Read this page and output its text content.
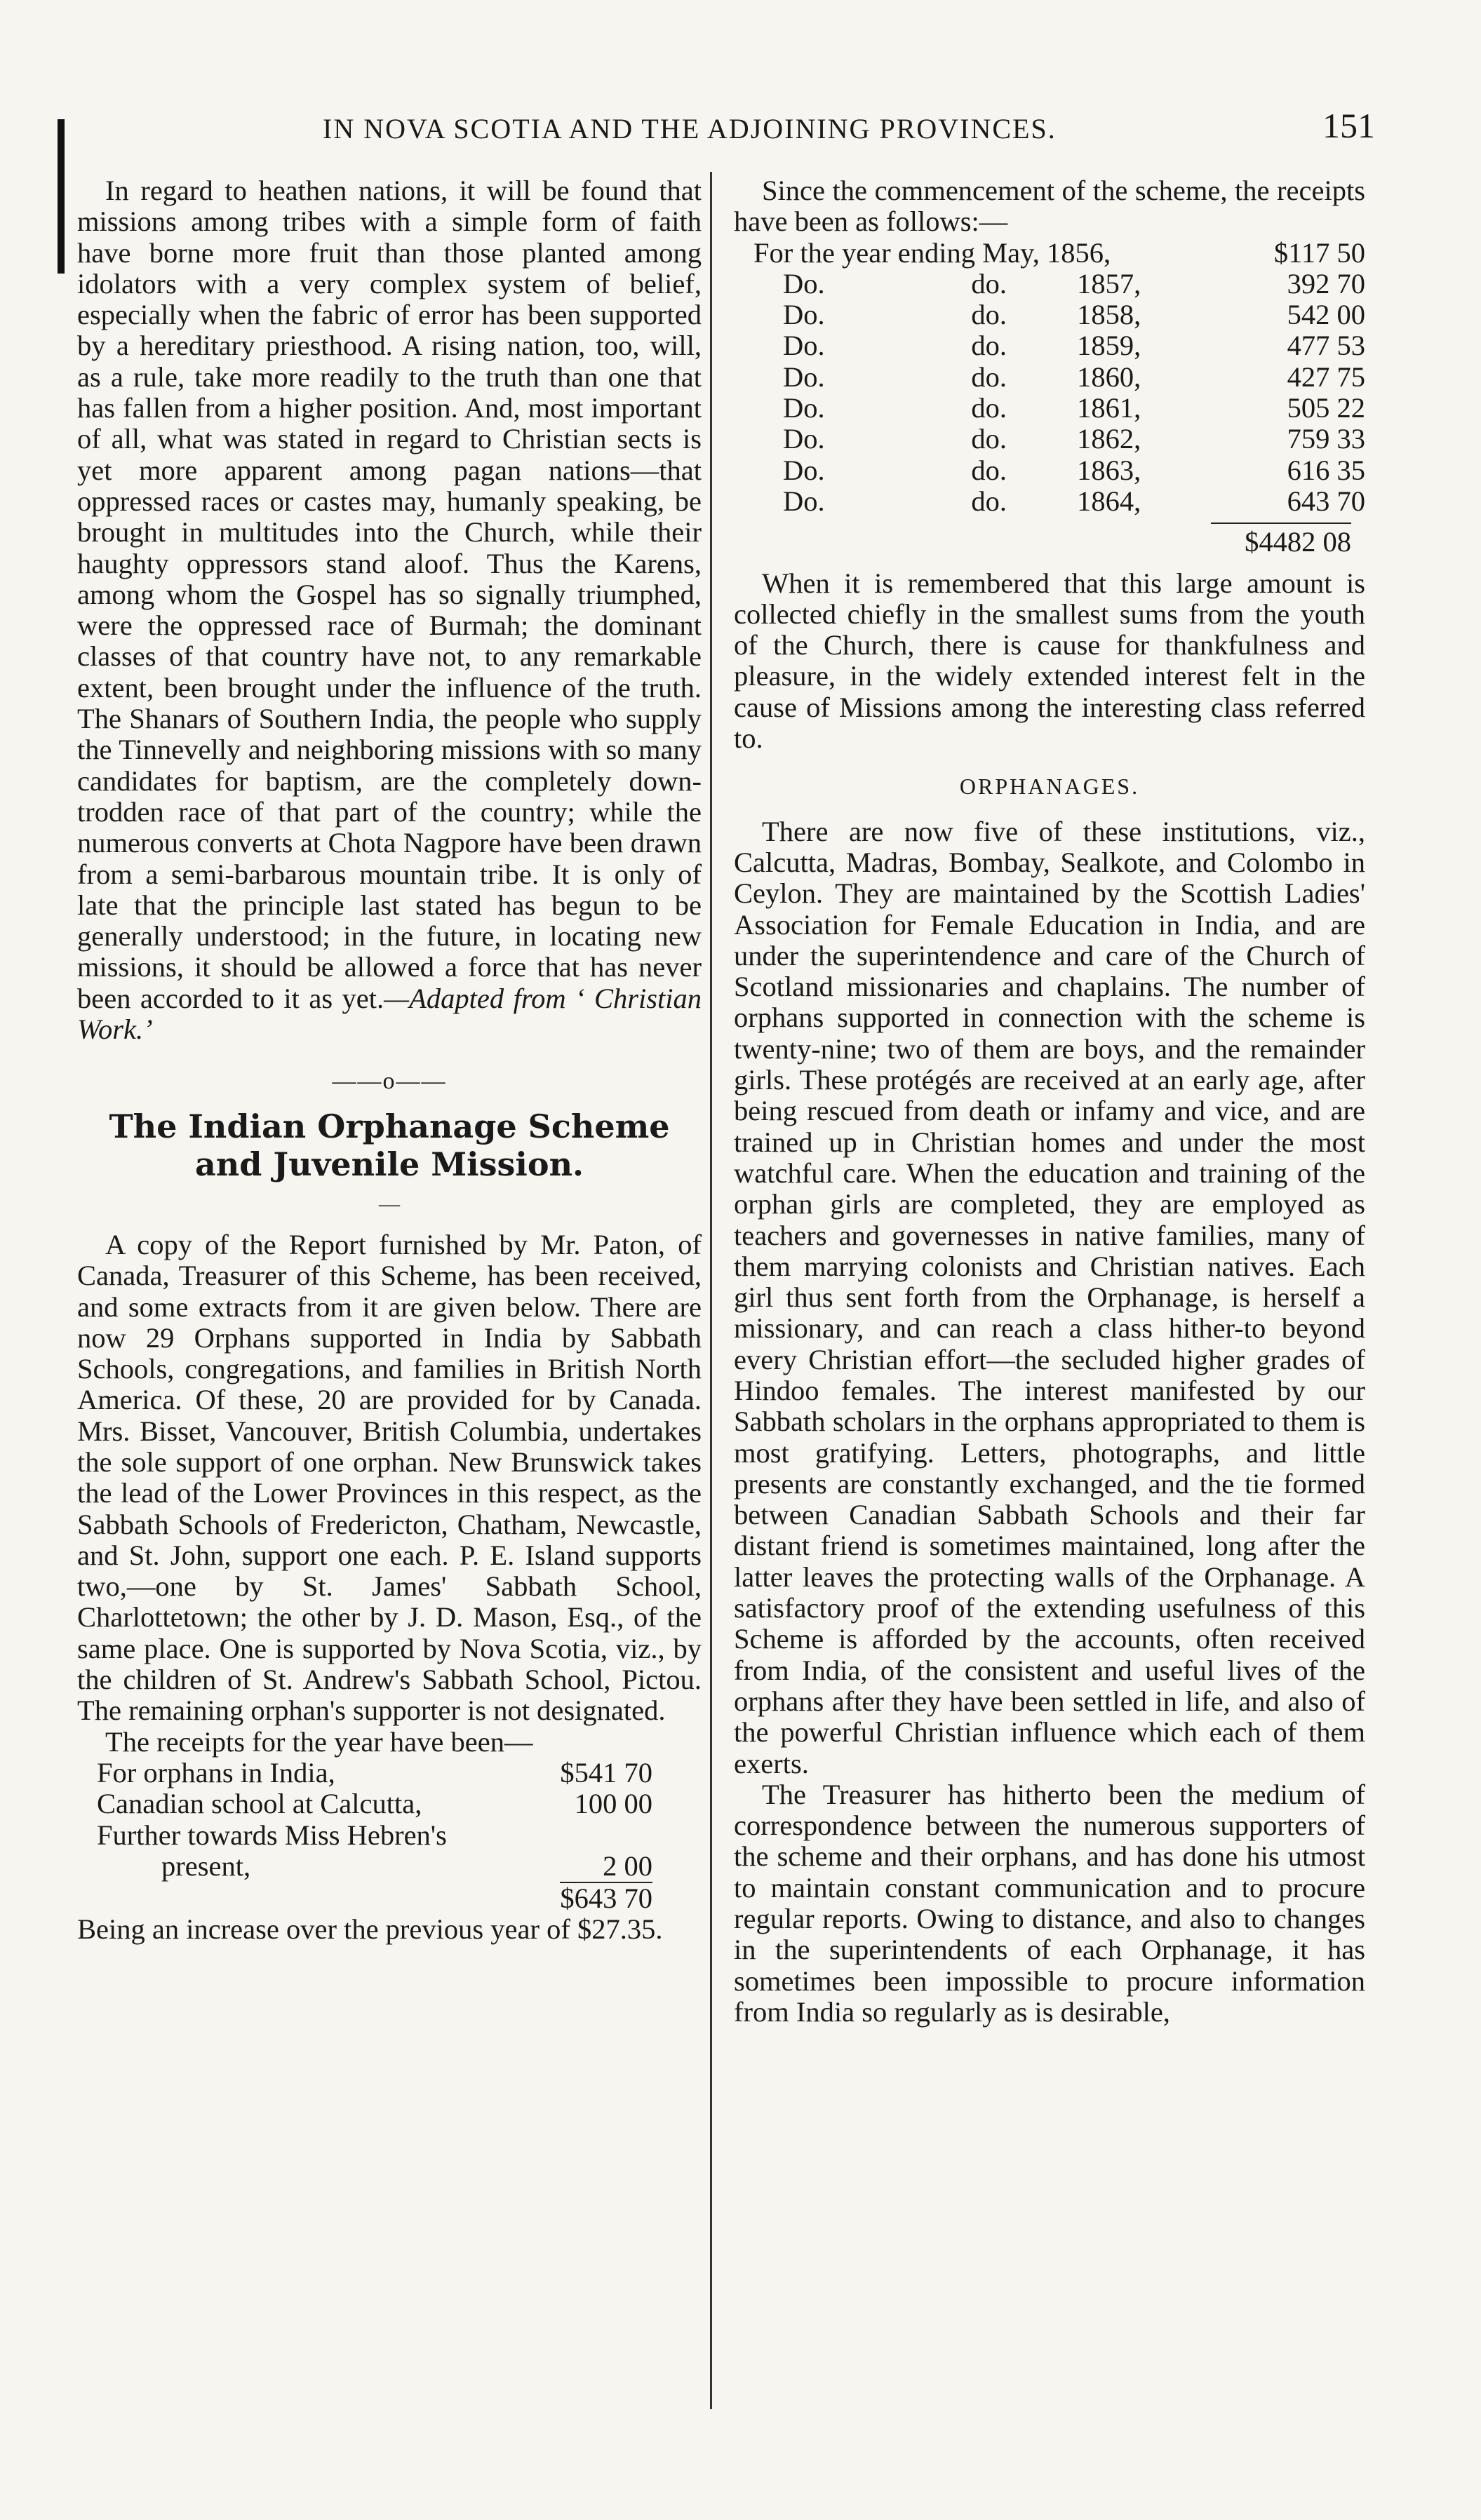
IN NOVA SCOTIA AND THE ADJOINING PROVINCES.	151

In regard to heathen nations, it will be found that missions among tribes with a simple form of faith have borne more fruit than those planted among idolators with a very complex system of belief, especially when the fabric of error has been supported by a hereditary priesthood. A rising nation, too, will, as a rule, take more readily to the truth than one that has fallen from a higher position. And, most important of all, what was stated in regard to Christian sects is yet more apparent among pagan nations—that oppressed races or castes may, humanly speaking, be brought in multitudes into the Church, while their haughty oppressors stand aloof. Thus the Karens, among whom the Gospel has so signally triumphed, were the oppressed race of Burmah; the dominant classes of that country have not, to any remarkable extent, been brought under the influence of the truth. The Shanars of Southern India, the people who supply the Tinnevelly and neighboring missions with so many candidates for baptism, are the completely down-trodden race of that part of the country; while the numerous converts at Chota Nagpore have been drawn from a semi-barbarous mountain tribe. It is only of late that the principle last stated has begun to be generally understood; in the future, in locating new missions, it should be allowed a force that has never been accorded to it as yet.—Adapted from ‘ Christian Work.’

——o——
The Indian Orphanage Scheme and Juvenile Mission.
—

A copy of the Report furnished by Mr. Paton, of Canada, Treasurer of this Scheme, has been received, and some extracts from it are given below. There are now 29 Orphans supported in India by Sabbath Schools, congregations, and families in British North America. Of these, 20 are provided for by Canada. Mrs. Bisset, Vancouver, British Columbia, undertakes the sole support of one orphan. New Brunswick takes the lead of the Lower Provinces in this respect, as the Sabbath Schools of Fredericton, Chatham, Newcastle, and St. John, support one each. P. E. Island supports two,—one by St. James' Sabbath School, Charlottetown; the other by J. D. Mason, Esq., of the same place. One is supported by Nova Scotia, viz., by the children of St. Andrew's Sabbath School, Pictou. The remaining orphan's supporter is not designated.

The receipts for the year have been—

For orphans in India,	$541 70
Canadian school at Calcutta,	100 00
Further towards Miss Hebren's	
present,	2 00
	$643 70

Being an increase over the previous year of $27.35.

Since the commencement of the scheme, the receipts have been as follows:—

For the year ending May, 1856,			$117 50
Do.	do.	1857,	392 70
Do.	do.	1858,	542 00
Do.	do.	1859,	477 53
Do.	do.	1860,	427 75
Do.	do.	1861,	505 22
Do.	do.	1862,	759 33
Do.	do.	1863,	616 35
Do.	do.	1864,	643 70
$4482 08

When it is remembered that this large amount is collected chiefly in the smallest sums from the youth of the Church, there is cause for thankfulness and pleasure, in the widely extended interest felt in the cause of Missions among the interesting class referred to.

ORPHANAGES.

There are now five of these institutions, viz., Calcutta, Madras, Bombay, Sealkote, and Colombo in Ceylon. They are maintained by the Scottish Ladies' Association for Female Education in India, and are under the superintendence and care of the Church of Scotland missionaries and chaplains. The number of orphans supported in connection with the scheme is twenty-nine; two of them are boys, and the remainder girls. These protégés are received at an early age, after being rescued from death or infamy and vice, and are trained up in Christian homes and under the most watchful care. When the education and training of the orphan girls are completed, they are employed as teachers and governesses in native families, many of them marrying colonists and Christian natives. Each girl thus sent forth from the Orphanage, is herself a missionary, and can reach a class hither-to beyond every Christian effort—the secluded higher grades of Hindoo females. The interest manifested by our Sabbath scholars in the orphans appropriated to them is most gratifying. Letters, photographs, and little presents are constantly exchanged, and the tie formed between Canadian Sabbath Schools and their far distant friend is sometimes maintained, long after the latter leaves the protecting walls of the Orphanage. A satisfactory proof of the extending usefulness of this Scheme is afforded by the accounts, often received from India, of the consistent and useful lives of the orphans after they have been settled in life, and also of the powerful Christian influence which each of them exerts.

The Treasurer has hitherto been the medium of correspondence between the numerous supporters of the scheme and their orphans, and has done his utmost to maintain constant communication and to procure regular reports. Owing to distance, and also to changes in the superintendents of each Orphanage, it has sometimes been impossible to procure information from India so regularly as is desirable,
